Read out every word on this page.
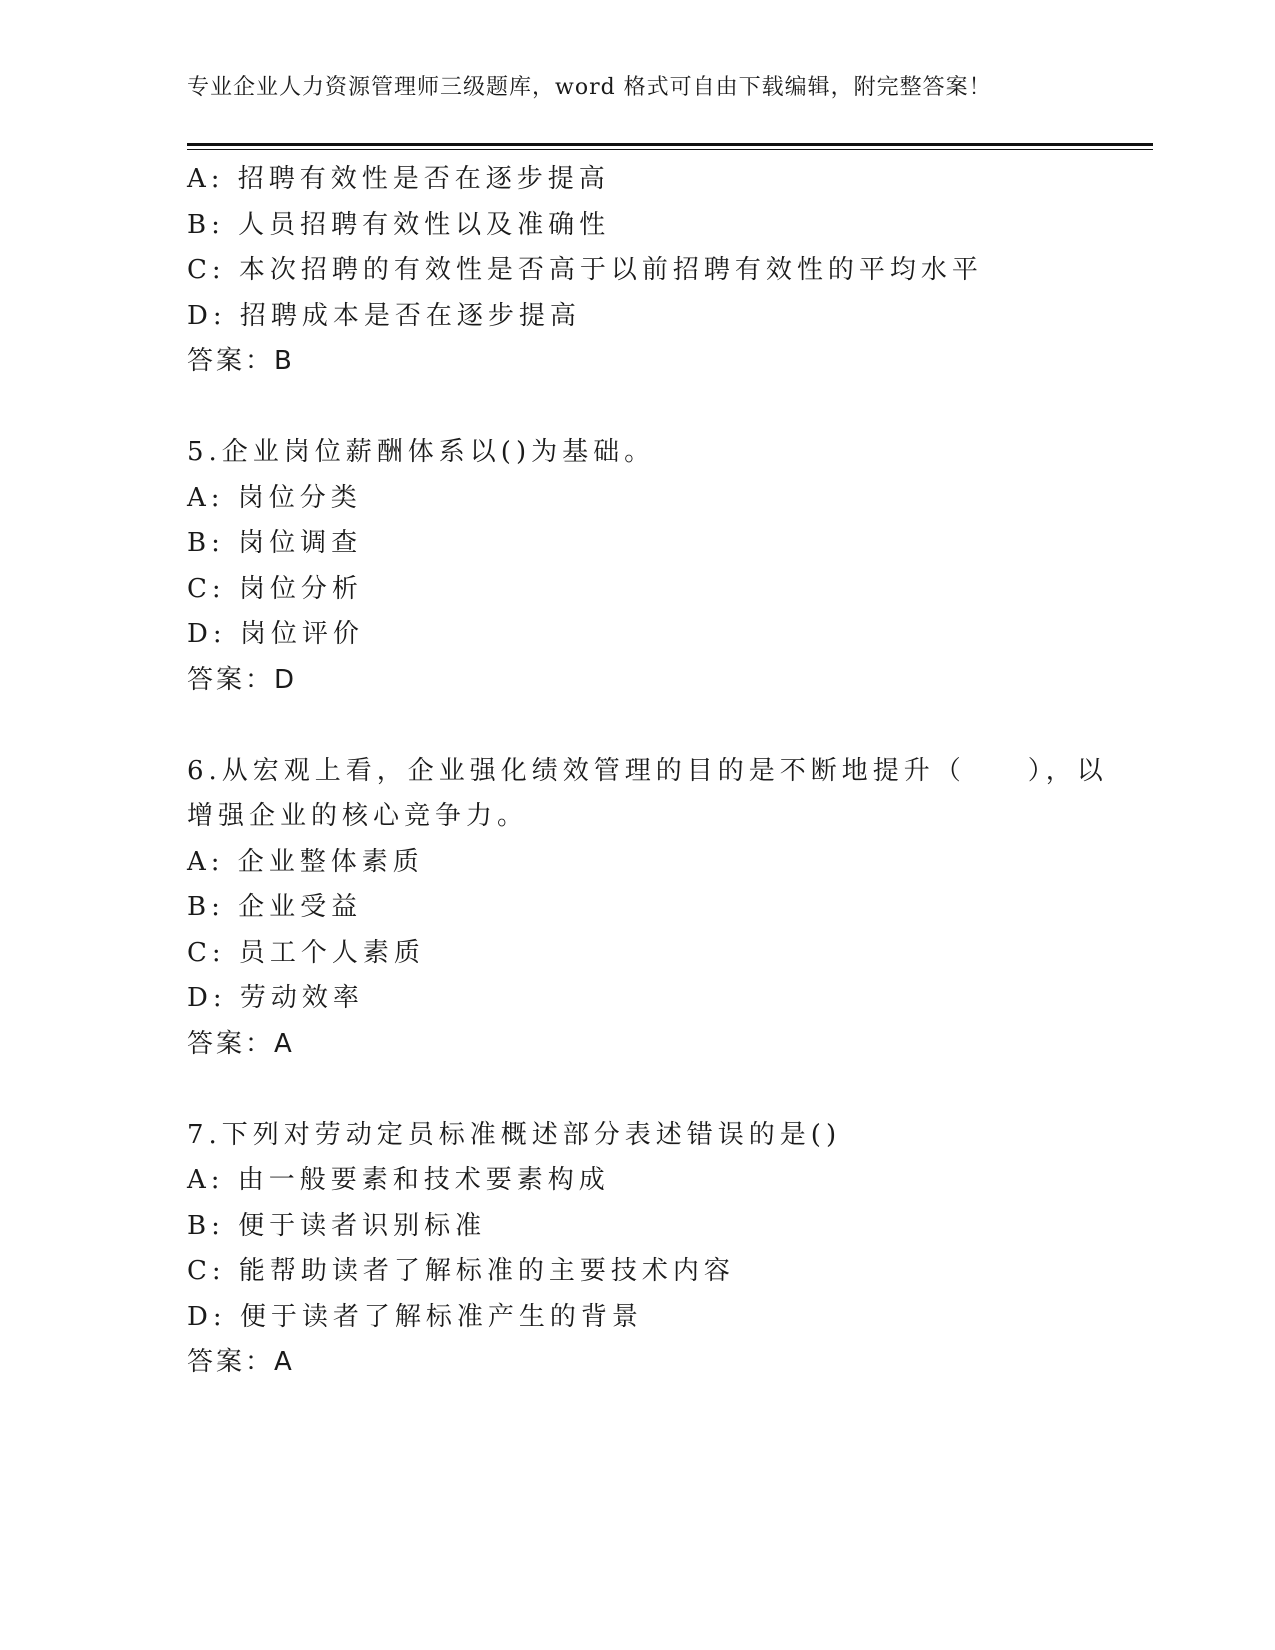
专业企业人力资源管理师三级题库，word 格式可自由下载编辑，附完整答案！
A: 招聘有效性是否在逐步提高
B: 人员招聘有效性以及准确性
C: 本次招聘的有效性是否高于以前招聘有效性的平均水平
D: 招聘成本是否在逐步提高
答案：B
5.企业岗位薪酬体系以()为基础。
A: 岗位分类
B: 岗位调查
C: 岗位分析
D: 岗位评价
答案：D
6.从宏观上看，企业强化绩效管理的目的是不断地提升（　　），以
增强企业的核心竞争力。
A: 企业整体素质
B: 企业受益
C: 员工个人素质
D: 劳动效率
答案：A
7.下列对劳动定员标准概述部分表述错误的是()
A: 由一般要素和技术要素构成
B: 便于读者识别标准
C: 能帮助读者了解标准的主要技术内容
D: 便于读者了解标准产生的背景
答案：A
